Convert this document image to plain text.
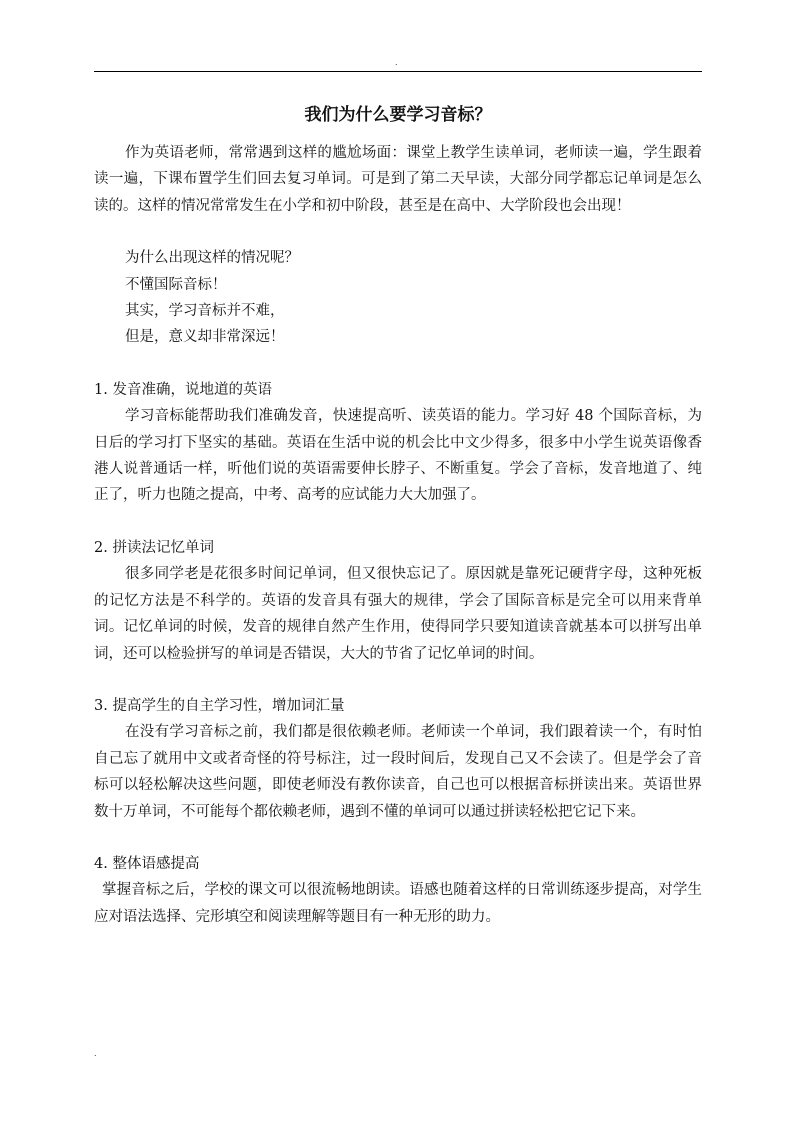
.
我们为什么要学习音标？

作为英语老师，常常遇到这样的尴尬场面：课堂上教学生读单词，老师读一遍，学生跟着读一遍，下课布置学生们回去复习单词。可是到了第二天早读，大部分同学都忘记单词是怎么读的。这样的情况常常发生在小学和初中阶段，甚至是在高中、大学阶段也会出现！

为什么出现这样的情况呢？

不懂国际音标！

其实，学习音标并不难，

但是，意义却非常深远！

1. 发音准确，说地道的英语

学习音标能帮助我们准确发音，快速提高听、读英语的能力。学习好 48 个国际音标，为日后的学习打下坚实的基础。英语在生活中说的机会比中文少得多，很多中小学生说英语像香港人说普通话一样，听他们说的英语需要伸长脖子、不断重复。学会了音标，发音地道了、纯正了，听力也随之提高，中考、高考的应试能力大大加强了。

2. 拼读法记忆单词

很多同学老是花很多时间记单词，但又很快忘记了。原因就是靠死记硬背字母，这种死板的记忆方法是不科学的。英语的发音具有强大的规律，学会了国际音标是完全可以用来背单词。记忆单词的时候，发音的规律自然产生作用，使得同学只要知道读音就基本可以拼写出单词，还可以检验拼写的单词是否错误，大大的节省了记忆单词的时间。

3. 提高学生的自主学习性，增加词汇量

在没有学习音标之前，我们都是很依赖老师。老师读一个单词，我们跟着读一个，有时怕自己忘了就用中文或者奇怪的符号标注，过一段时间后，发现自己又不会读了。但是学会了音标可以轻松解决这些问题，即使老师没有教你读音，自己也可以根据音标拼读出来。英语世界数十万单词，不可能每个都依赖老师，遇到不懂的单词可以通过拼读轻松把它记下来。

4. 整体语感提高

掌握音标之后，学校的课文可以很流畅地朗读。语感也随着这样的日常训练逐步提高，对学生应对语法选择、完形填空和阅读理解等题目有一种无形的助力。

.
